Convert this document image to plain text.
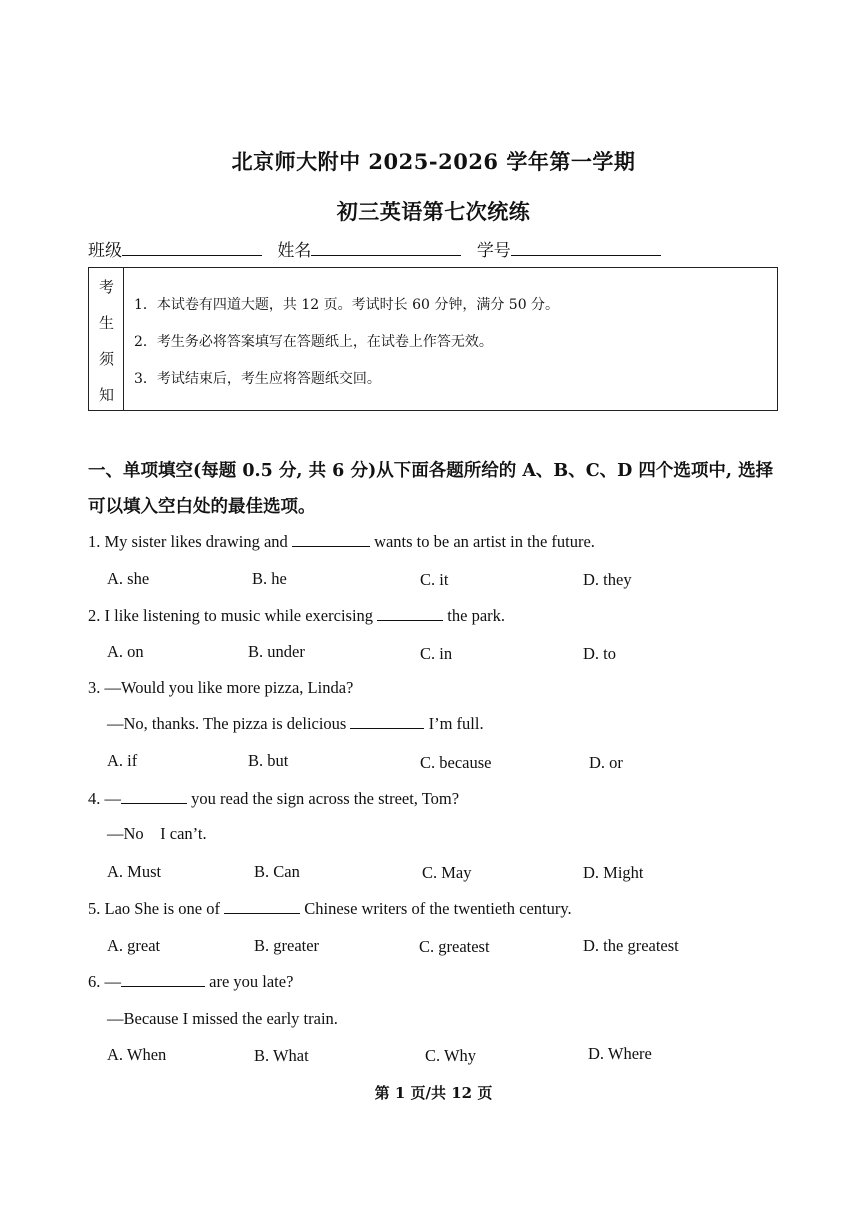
北京师大附中 2025-2026 学年第一学期
初三英语第七次统练
班级	姓名	学号
考
生
须
知
1．本试卷有四道大题，共 12 页。考试时长 60 分钟，满分 50 分。
2．考生务必将答案填写在答题纸上，在试卷上作答无效。
3．考试结束后，考生应将答题纸交回。
一、单项填空(每题 0.5 分, 共 6 分)从下面各题所给的 A、B、C、D 四个选项中, 选择
可以填入空白处的最佳选项。
1. My sister likes drawing and	wants to be an artist in the future.
A. she	B. he	C. it	D. they
2. I like listening to music while exercising	the park.
A. on	B. under	C. in	D. to
3. —Would you like more pizza, Linda?
—No, thanks. The pizza is delicious	I’m full.
A. if	B. but	C. because	D. or
4. —	you read the sign across the street, Tom?
—No    I can’t.
A. Must	B. Can	C. May	D. Might
5. Lao She is one of	Chinese writers of the twentieth century.
A. great	B. greater	C. greatest	D. the greatest
6. —	are you late?
—Because I missed the early train.
A. When	B. What	C. Why	D. Where
第 1 页/共 12 页
